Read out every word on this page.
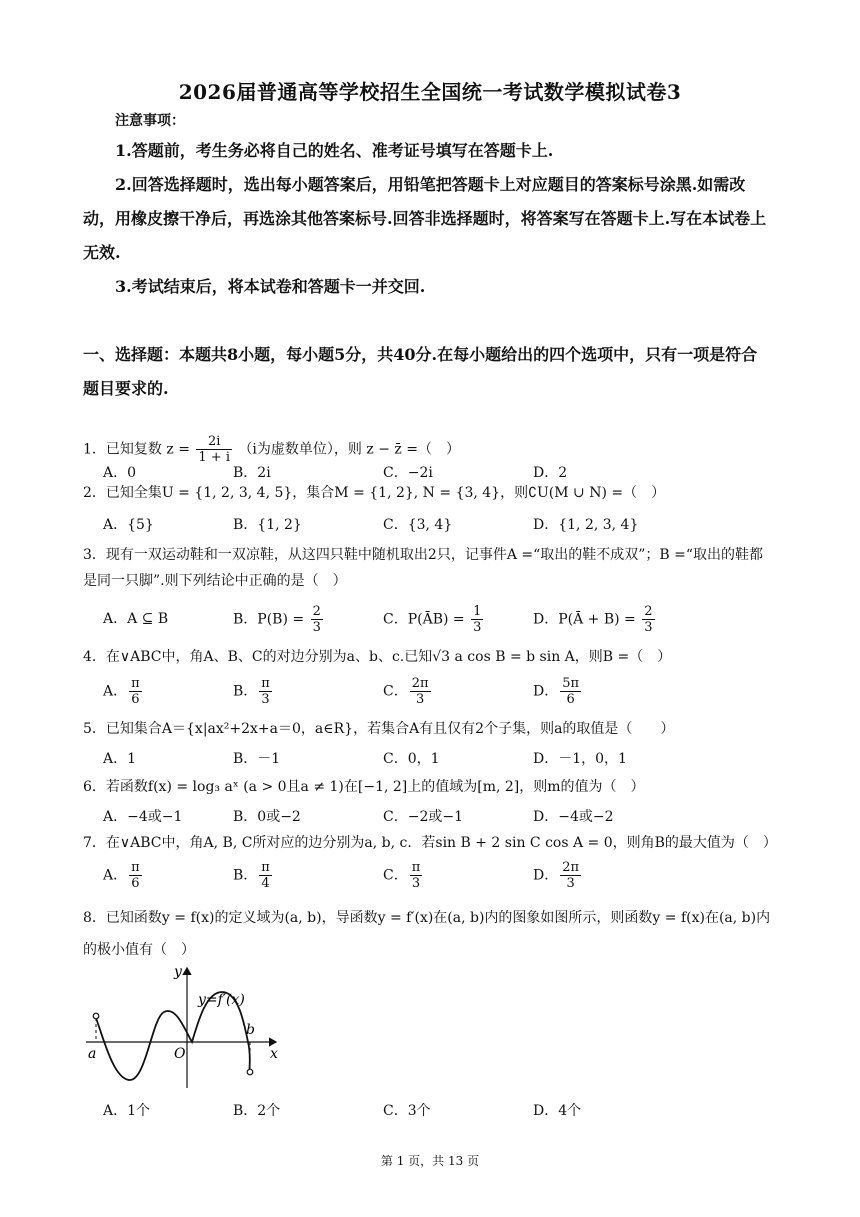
2026届普通高等学校招生全国统一考试数学模拟试卷3
注意事项：

1.答题前，考生务必将自己的姓名、准考证号填写在答题卡上.

2.回答选择题时，选出每小题答案后，用铅笔把答题卡上对应题目的答案标号涂黑.如需改动，用橡皮擦干净后，再选涂其他答案标号.回答非选择题时，将答案写在答题卡上.写在本试卷上无效.

3.考试结束后，将本试卷和答题卡一并交回.

一、选择题：本题共8小题，每小题5分，共40分.在每小题给出的四个选项中，只有一项是符合题目要求的.
1．已知复数 $z = \frac{2i}{1 + i} (i$为虚数单位），则 z − z̄ =（　）
A．0	B．2i	C．−2i	D．2
2．已知全集U = {1, 2, 3, 4, 5}，集合M = {1, 2}, N = {3, 4}，则∁U(M ∪ N) =（　）
A．{5}	B．{1, 2}	C．{3, 4}	D．{1, 2, 3, 4}
3．现有一双运动鞋和一双凉鞋，从这四只鞋中随机取出2只，记事件A =“取出的鞋不成双”；B =“取出的鞋都是同一只脚”.则下列结论中正确的是（　）
A．A ⊆ B	B．$P(B) = \frac{2}{3}$	C．P(ĀB) = $\frac{1}{3}$	D．P(Ā + $B) = \frac{2}{3}$
4．在∨ABC中，角A、B、C的对边分别为a、b、c.已知√3 a cos B = b sin A，则B =（　）
A． $\frac{\pi}{6}$	B． $\frac{\pi}{3}$	C． $\frac{2\pi}{3}$	D． $\frac{5\pi}{6}$
5．已知集合A＝{x|ax²+2x+a＝0，a∈R}，若集合A有且仅有2个子集，则a的取值是（　　）
A．1	B．－1	C．0，1	D．－1，0，1
6．若函数f(x) = log₃ aˣ (a > 0且a ≠ 1)在[−1, 2]上的值域为[m, 2]，则m的值为（　）
A．−4或−1	B．0或−2	C．−2或−1	D．−4或−2
7．在∨ABC中，角A, B, C所对应的边分别为a, b, c．若sin B + 2 sin C cos A = 0，则角B的最大值为（　）
A． $\frac{\pi}{6}$	B． $\frac{\pi}{4}$	C． $\frac{\pi}{3}$	D． $\frac{2\pi}{3}$
8．已知函数y = f(x)的定义域为(a, b)，导函数y = f′(x)在(a, b)内的图象如图所示，则函数y = f(x)在(a, b)内的极小值有（　）
y=f′(x)
y
x
O
a
b
A．1个	B．2个	C．3个	D．4个
第 1 页，共 13 页
